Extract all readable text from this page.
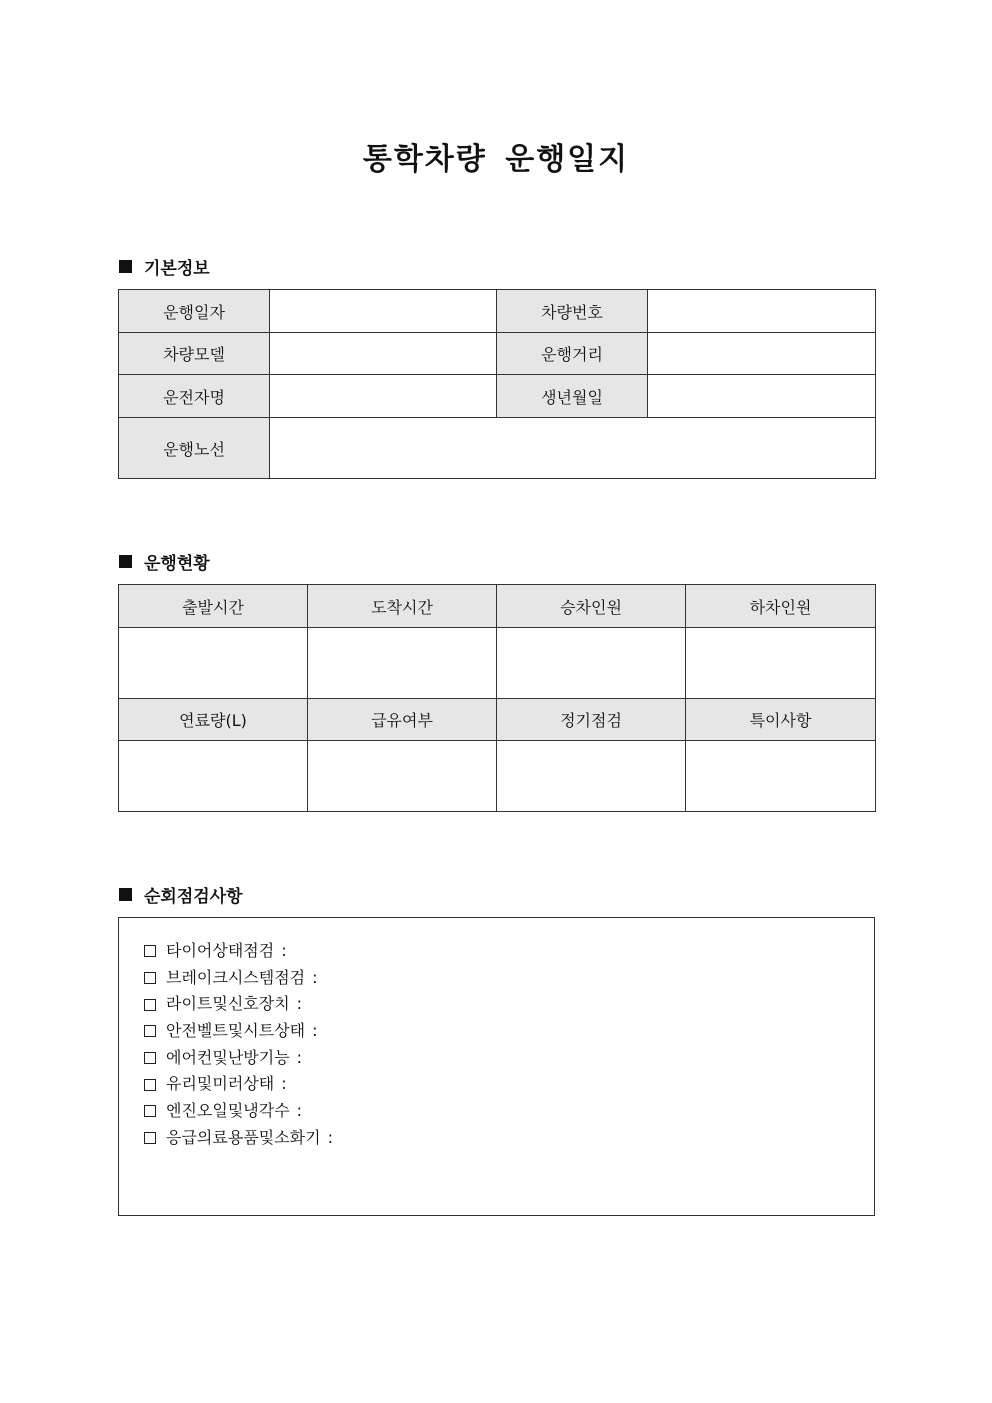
통학차량 운행일지
기본정보
운행일자		차량번호	
차량모델		운행거리	
운전자명		생년월일	
운행노선			
운행현황
출발시간	도착시간	승차인원	하차인원

연료량(L)	급유여부	정기점검	특이사항

순회점검사항
타이어상태점검 :
브레이크시스템점검 :
라이트및신호장치 :
안전벨트및시트상태 :
에어컨및난방기능 :
유리및미러상태 :
엔진오일및냉각수 :
응급의료용품및소화기 :
